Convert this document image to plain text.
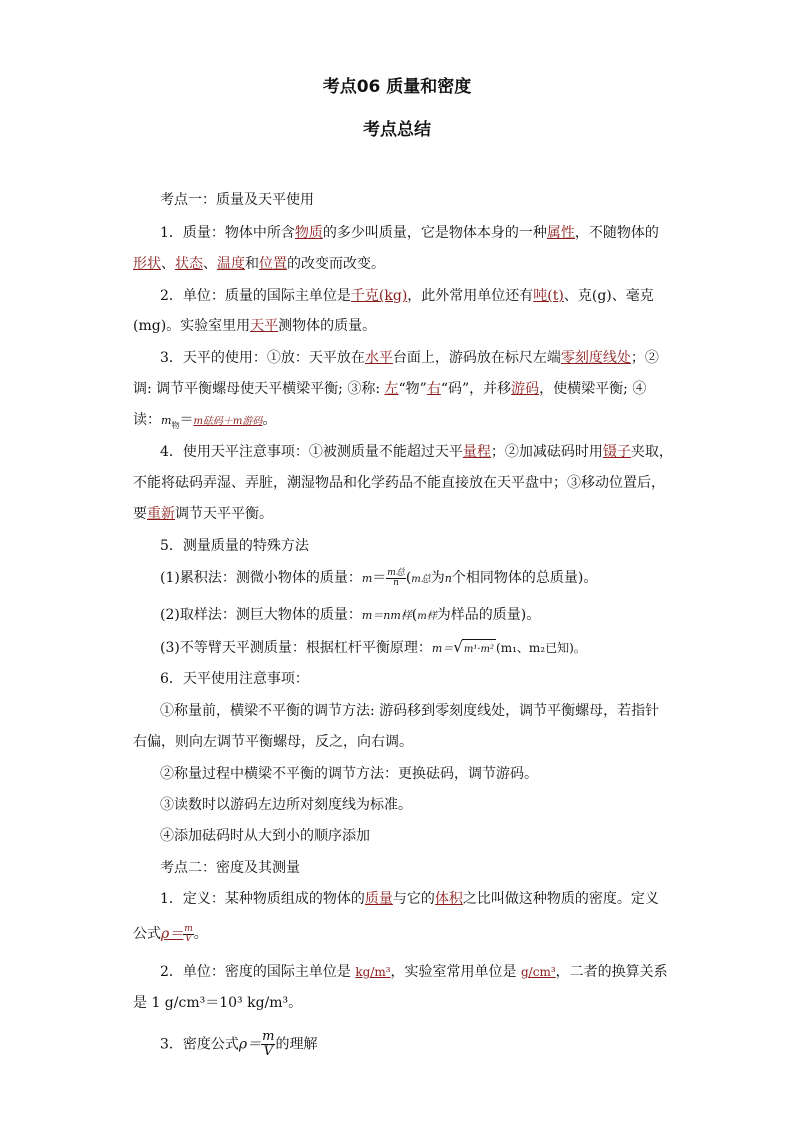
考点06 质量和密度
考点总结
考点一：质量及天平使用
1．质量：物体中所含物质的多少叫质量，它是物体本身的一种属性，不随物体的
形状、状态、温度和位置的改变而改变。
2．单位：质量的国际主单位是千克(kg)，此外常用单位还有吨(t)、克(g)、毫克
(mg)。实验室里用天平测物体的质量。
3．天平的使用：①放：天平放在水平台面上，游码放在标尺左端零刻度线处；②
调: 调节平衡螺母使天平横梁平衡; ③称: 左“物”右“码”，并移游码，使横梁平衡; ④
读：$m_物=m$砝码＋m游码。
4．使用天平注意事项：①被测质量不能超过天平量程；②加减砝码时用镊子夹取，
不能将砝码弄湿、弄脏，潮湿物品和化学药品不能直接放在天平盘中；③移动位置后，
要重新调节天平平衡。
5．测量质量的特殊方法
(1)累积法：测微小物体的质量：$m= \frac{\text{m总}}{n} (m$总为n个相同物体的总质量)。
(2)取样法：测巨大物体的质量：m＝nm样(m样为样品的质量)。
(3)不等臂天平测质量：根据杠杆平衡原理：m＝√m¹·m² (m₁、m₂已知)。
6．天平使用注意事项：
①称量前，横梁不平衡的调节方法: 游码移到零刻度线处，调节平衡螺母，若指针
右偏，则向左调节平衡螺母，反之，向右调。
②称量过程中横梁不平衡的调节方法：更换砝码，调节游码。
③读数时以游码左边所对刻度线为标准。
④添加砝码时从大到小的顺序添加
考点二：密度及其测量
1．定义：某种物质组成的物体的质量与它的体积之比叫做这种物质的密度。定义
公式$\rho= \frac{m}{V}$ 。
2．单位：密度的国际主单位是 kg/m³，实验室常用单位是 g/cm³，二者的换算关系
是 1 g/cm³＝10³ kg/m³。
3．密度公式$\rho= \frac{m}{V}$ 的理解
